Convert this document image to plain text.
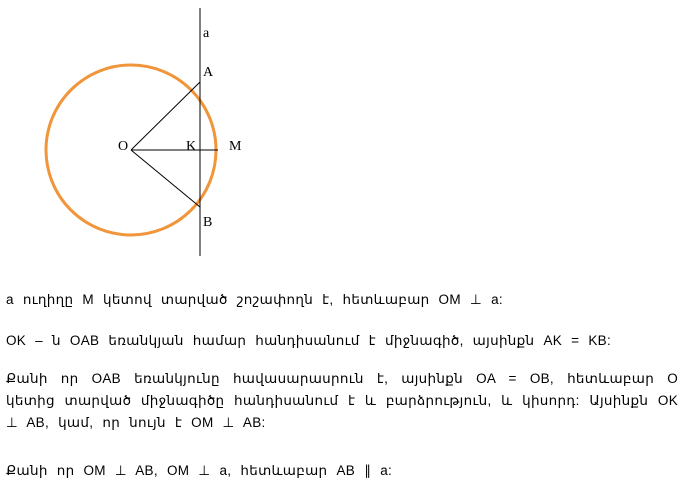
a
A
O	K M
B

a ուղիղը M կետով տարված շոշափողն է, հետևաբար OM ⊥ a:

OK – ն OAB եռանկյան համար հանդիսանում է միջնագիծ, այսինքն AK = KB:

Քանի որ OAB եռանկյունը հավասարասրուն է, այսինքն OA = OB, հետևաբար O կետից տարված միջնագիծը հանդիսանում է և բարձրություն, և կիսորդ: Այսինքն OK ⊥ AB, կամ, որ նույն է OM ⊥ AB:

Քանի որ OM ⊥ AB, OM ⊥ a, հետևաբար AB ∥ a:
